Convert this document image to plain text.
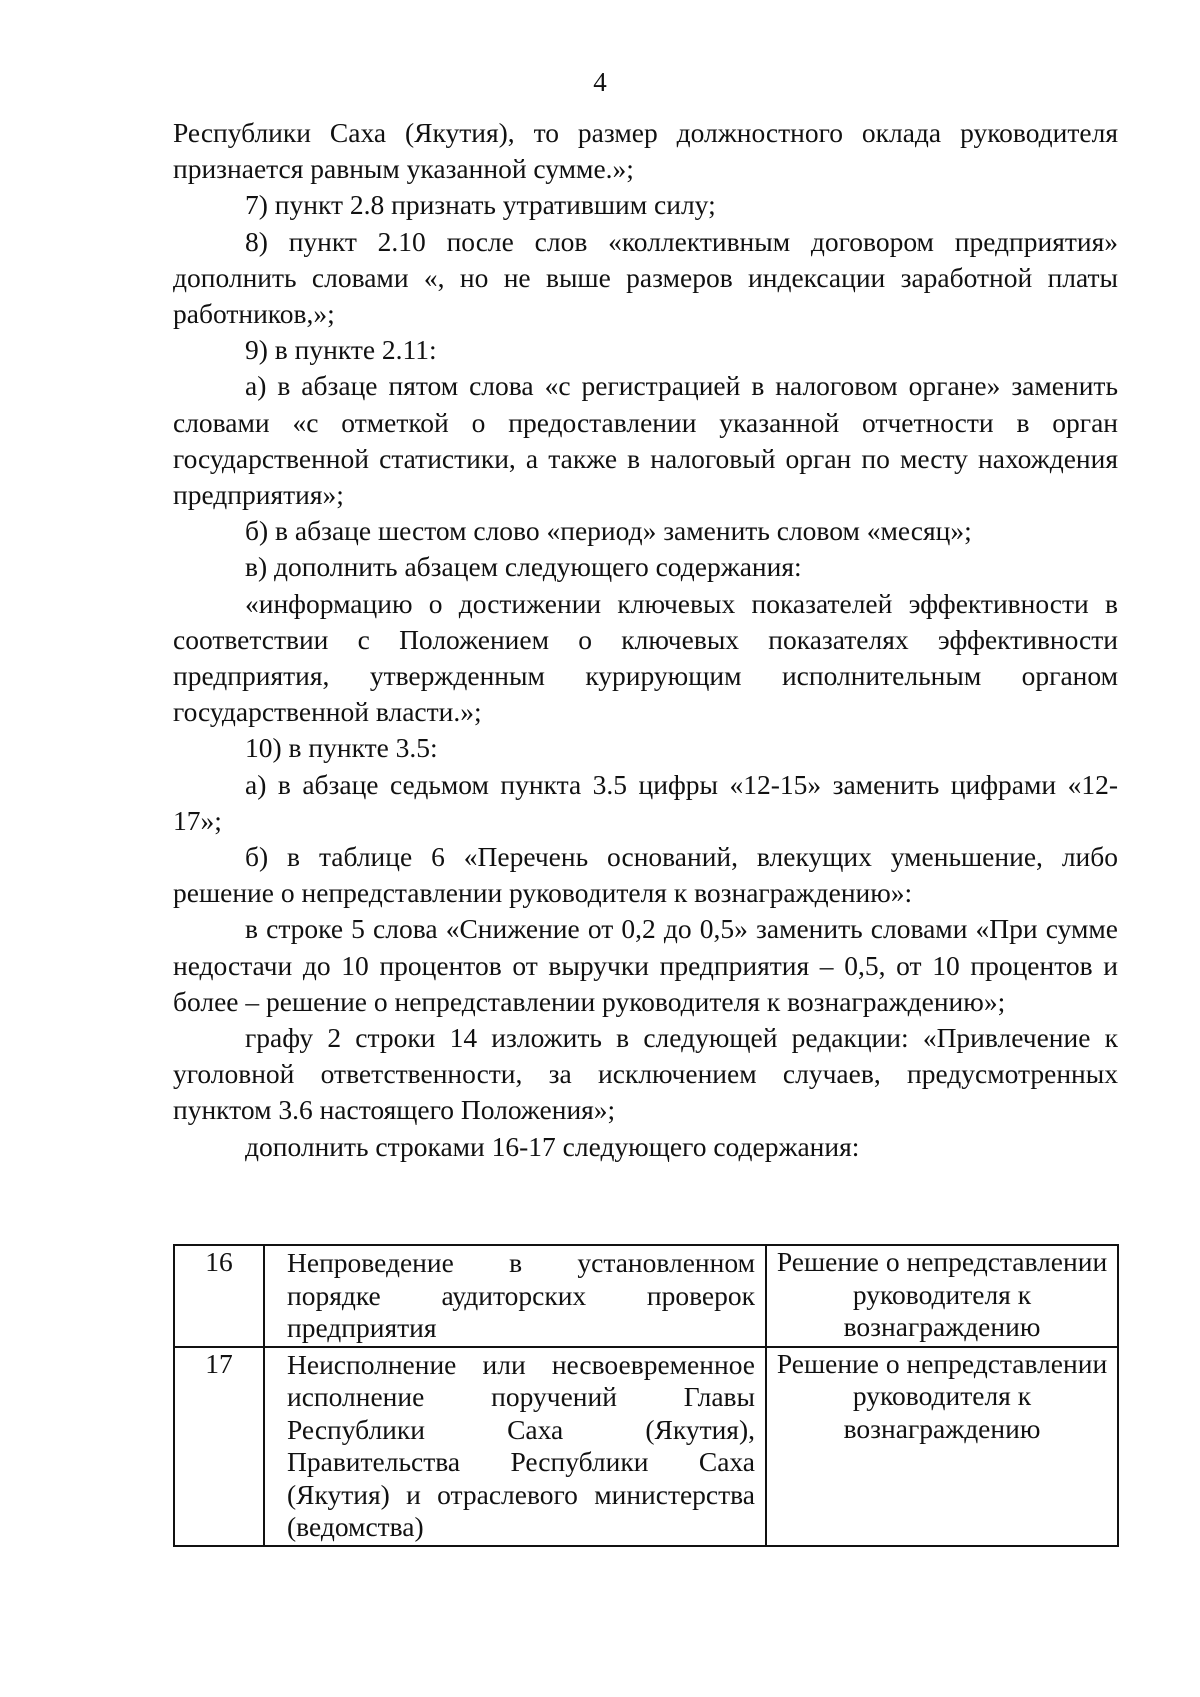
4

Республики Саха (Якутия), то размер должностного оклада руководителя признается равным указанной сумме.»;

7) пункт 2.8 признать утратившим силу;

8) пункт 2.10 после слов «коллективным договором предприятия» дополнить словами «, но не выше размеров индексации заработной платы работников,»;

9) в пункте 2.11:

а) в абзаце пятом слова «с регистрацией в налоговом органе» заменить словами «с отметкой о предоставлении указанной отчетности в орган государственной статистики, а также в налоговый орган по месту нахождения предприятия»;

б) в абзаце шестом слово «период» заменить словом «месяц»;

в) дополнить абзацем следующего содержания:

«информацию о достижении ключевых показателей эффективности в соответствии с Положением о ключевых показателях эффективности предприятия, утвержденным курирующим исполнительным органом государственной власти.»;

10) в пункте 3.5:

а) в абзаце седьмом пункта 3.5 цифры «12-15» заменить цифрами «12-17»;

б) в таблице 6 «Перечень оснований, влекущих уменьшение, либо решение о непредставлении руководителя к вознаграждению»:

в строке 5 слова «Снижение от 0,2 до 0,5» заменить словами «При сумме недостачи до 10 процентов от выручки предприятия – 0,5, от 10 процентов и более – решение о непредставлении руководителя к вознаграждению»;

графу 2 строки 14 изложить в следующей редакции: «Привлечение к уголовной ответственности, за исключением случаев, предусмотренных пунктом 3.6 настоящего Положения»;

дополнить строками 16-17 следующего содержания:

16	Непроведение в установленном порядке аудиторских проверок предприятия	Решение о непредставлении руководителя к вознаграждению
17	Неисполнение или несвоевременное исполнение поручений Главы Республики Саха (Якутия), Правительства Республики Саха (Якутия) и отраслевого министерства (ведомства)	Решение о непредставлении руководителя к вознаграждению
